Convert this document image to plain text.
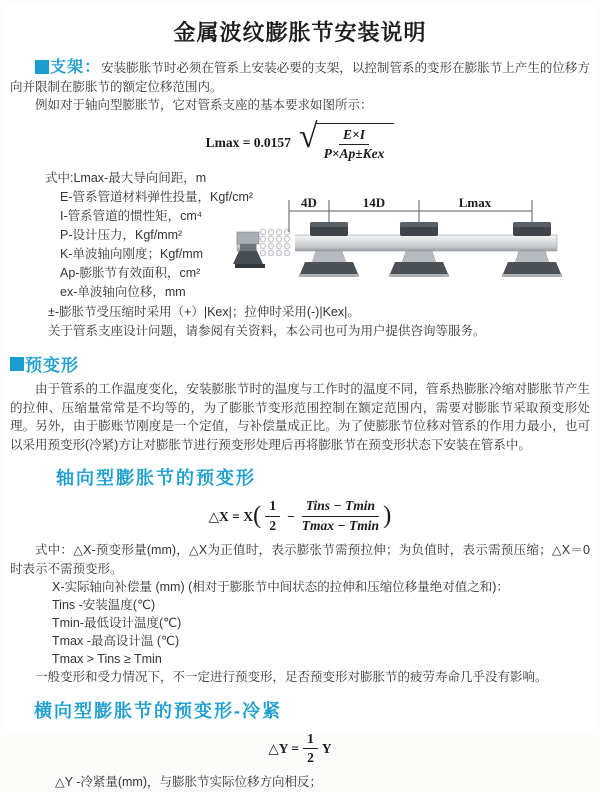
金属波纹膨胀节安装说明

支架：安装膨胀节时必须在管系上安装必要的支架，以控制管系的变形在膨胀节上产生的位移方向并限制在膨胀节的额定位移范围内。

例如对于轴向型膨胀节，它对管系支座的基本要求如图所示：

Lmax = 0.0157 √ $\frac{E\times I}{\text{P×Ap±Kex}}$

式中:Lmax-最大导向间距，m

E-管系管道材料弹性投量，Kgf/cm²

I-管系管道的惯性矩，cm⁴

P-设计压力，Kgf/mm²

K-单波轴向刚度；Kgf/mm

Ap-膨胀节有效面积，cm²

ex-单波轴向位移，mm

4D	14D	Lmax

±-膨胀节受压缩时采用（+）|Kex|；拉伸时采用(-)|Kex|。

关于管系支座设计问题，请参阅有关资料，本公司也可为用户提供咨询等服务。

预变形

由于管系的工作温度变化，安装膨胀节时的温度与工作时的温度不同，管系热膨胀冷缩对膨胀节产生的拉伸、压缩量常常是不均等的，为了膨胀节变形范围控制在额定范围内，需要对膨胀节采取预变形处理。另外，由于膨账节刚度是一个定值，与补偿量成正比。为了使膨胀节位移对管系的作用力最小，也可以采用预变形(冷紧)方让对膨胀节进行预变形处理后再将膨胀节在预变形状态下安装在管系中。

轴向型膨胀节的预变形
△X = X ( $\frac{1}{2} - \frac{\text{Tins − Tmin}}{Tmax - Tmin}$ )

式中：△X-预变形量(mm)，△X为正值时，表示膨张节需预拉伸；为负值时，表示需预压缩；△X＝0时表示不需预变形。

X-实际轴向补偿量 (mm) (相对于膨胀节中间状态的拉伸和压缩位移量绝对值之和)：

Tins -安装温度(℃)

Tmin-最低设计温度(℃)

Tmax -最高设计温 (℃)

Tmax > Tins ≥ Tmin

一般变形和受力情况下，不一定进行预变形，足否预变形对膨胀节的疲劳寿命几乎没有影响。

横向型膨胀节的预变形-冷紧
△Y = $\frac{1}{2}$ Y

△Y -冷紧量(mm)，与膨胀节实际位移方向相反；
